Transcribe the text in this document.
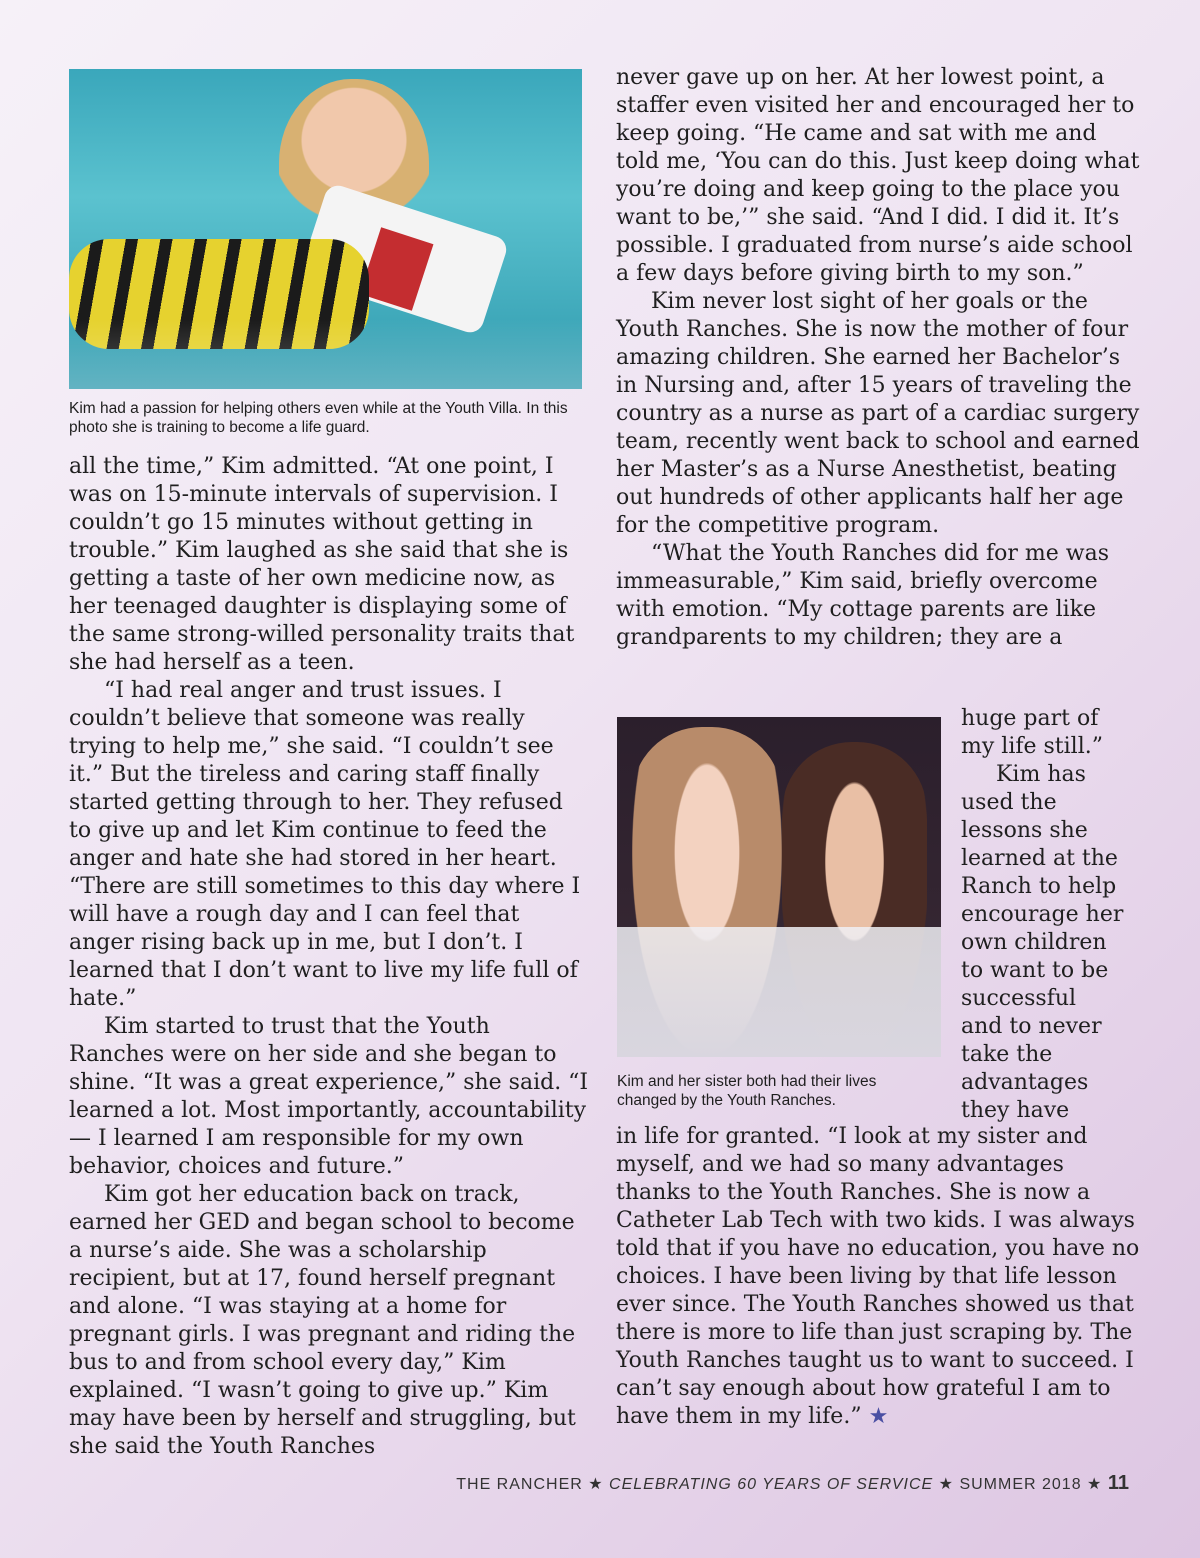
Kim had a passion for helping others even while at the Youth Villa. In this photo she is training to become a life guard.

all the time,” Kim admitted. “At one point, I was on 15-minute intervals of supervision. I couldn’t go 15 minutes without getting in trouble.” Kim laughed as she said that she is getting a taste of her own medicine now, as her teenaged daughter is displaying some of the same strong-willed personality traits that she had herself as a teen.

“I had real anger and trust issues. I couldn’t believe that someone was really trying to help me,” she said. “I couldn’t see it.” But the tireless and caring staff finally started getting through to her. They refused to give up and let Kim continue to feed the anger and hate she had stored in her heart. “There are still sometimes to this day where I will have a rough day and I can feel that anger rising back up in me, but I don’t. I learned that I don’t want to live my life full of hate.”

Kim started to trust that the Youth Ranches were on her side and she began to shine. “It was a great experience,” she said. “I learned a lot. Most importantly, accountability — I learned I am responsible for my own behavior, choices and future.”

Kim got her education back on track, earned her GED and began school to become a nurse’s aide. She was a scholarship recipient, but at 17, found herself pregnant and alone. “I was staying at a home for pregnant girls. I was pregnant and riding the bus to and from school every day,” Kim explained. “I wasn’t going to give up.” Kim may have been by herself and struggling, but she said the Youth Ranches

never gave up on her. At her lowest point, a staffer even visited her and encouraged her to keep going. “He came and sat with me and told me, ‘You can do this. Just keep doing what you’re doing and keep going to the place you want to be,’” she said. “And I did. I did it. It’s possible. I graduated from nurse’s aide school a few days before giving birth to my son.”

Kim never lost sight of her goals or the Youth Ranches. She is now the mother of four amazing children. She earned her Bachelor’s in Nursing and, after 15 years of traveling the country as a nurse as part of a cardiac surgery team, recently went back to school and earned her Master’s as a Nurse Anesthetist, beating out hundreds of other applicants half her age for the competitive program.

“What the Youth Ranches did for me was immeasurable,” Kim said, briefly overcome with emotion. “My cottage parents are like grandparents to my children; they are a

Kim and her sister both had their lives changed by the Youth Ranches.

huge part of
my life still.”
Kim has
used the
lessons she
learned at the
Ranch to help
encourage her
own children
to want to be
successful
and to never
take the
advantages
they have

in life for granted. “I look at my sister and myself, and we had so many advantages thanks to the Youth Ranches. She is now a Catheter Lab Tech with two kids. I was always told that if you have no education, you have no choices. I have been living by that life lesson ever since. The Youth Ranches showed us that there is more to life than just scraping by. The Youth Ranches taught us to want to succeed. I can’t say enough about how grateful I am to have them in my life.” ★

THE RANCHER ★ CELEBRATING 60 YEARS OF SERVICE ★ SUMMER 2018 ★ 11
